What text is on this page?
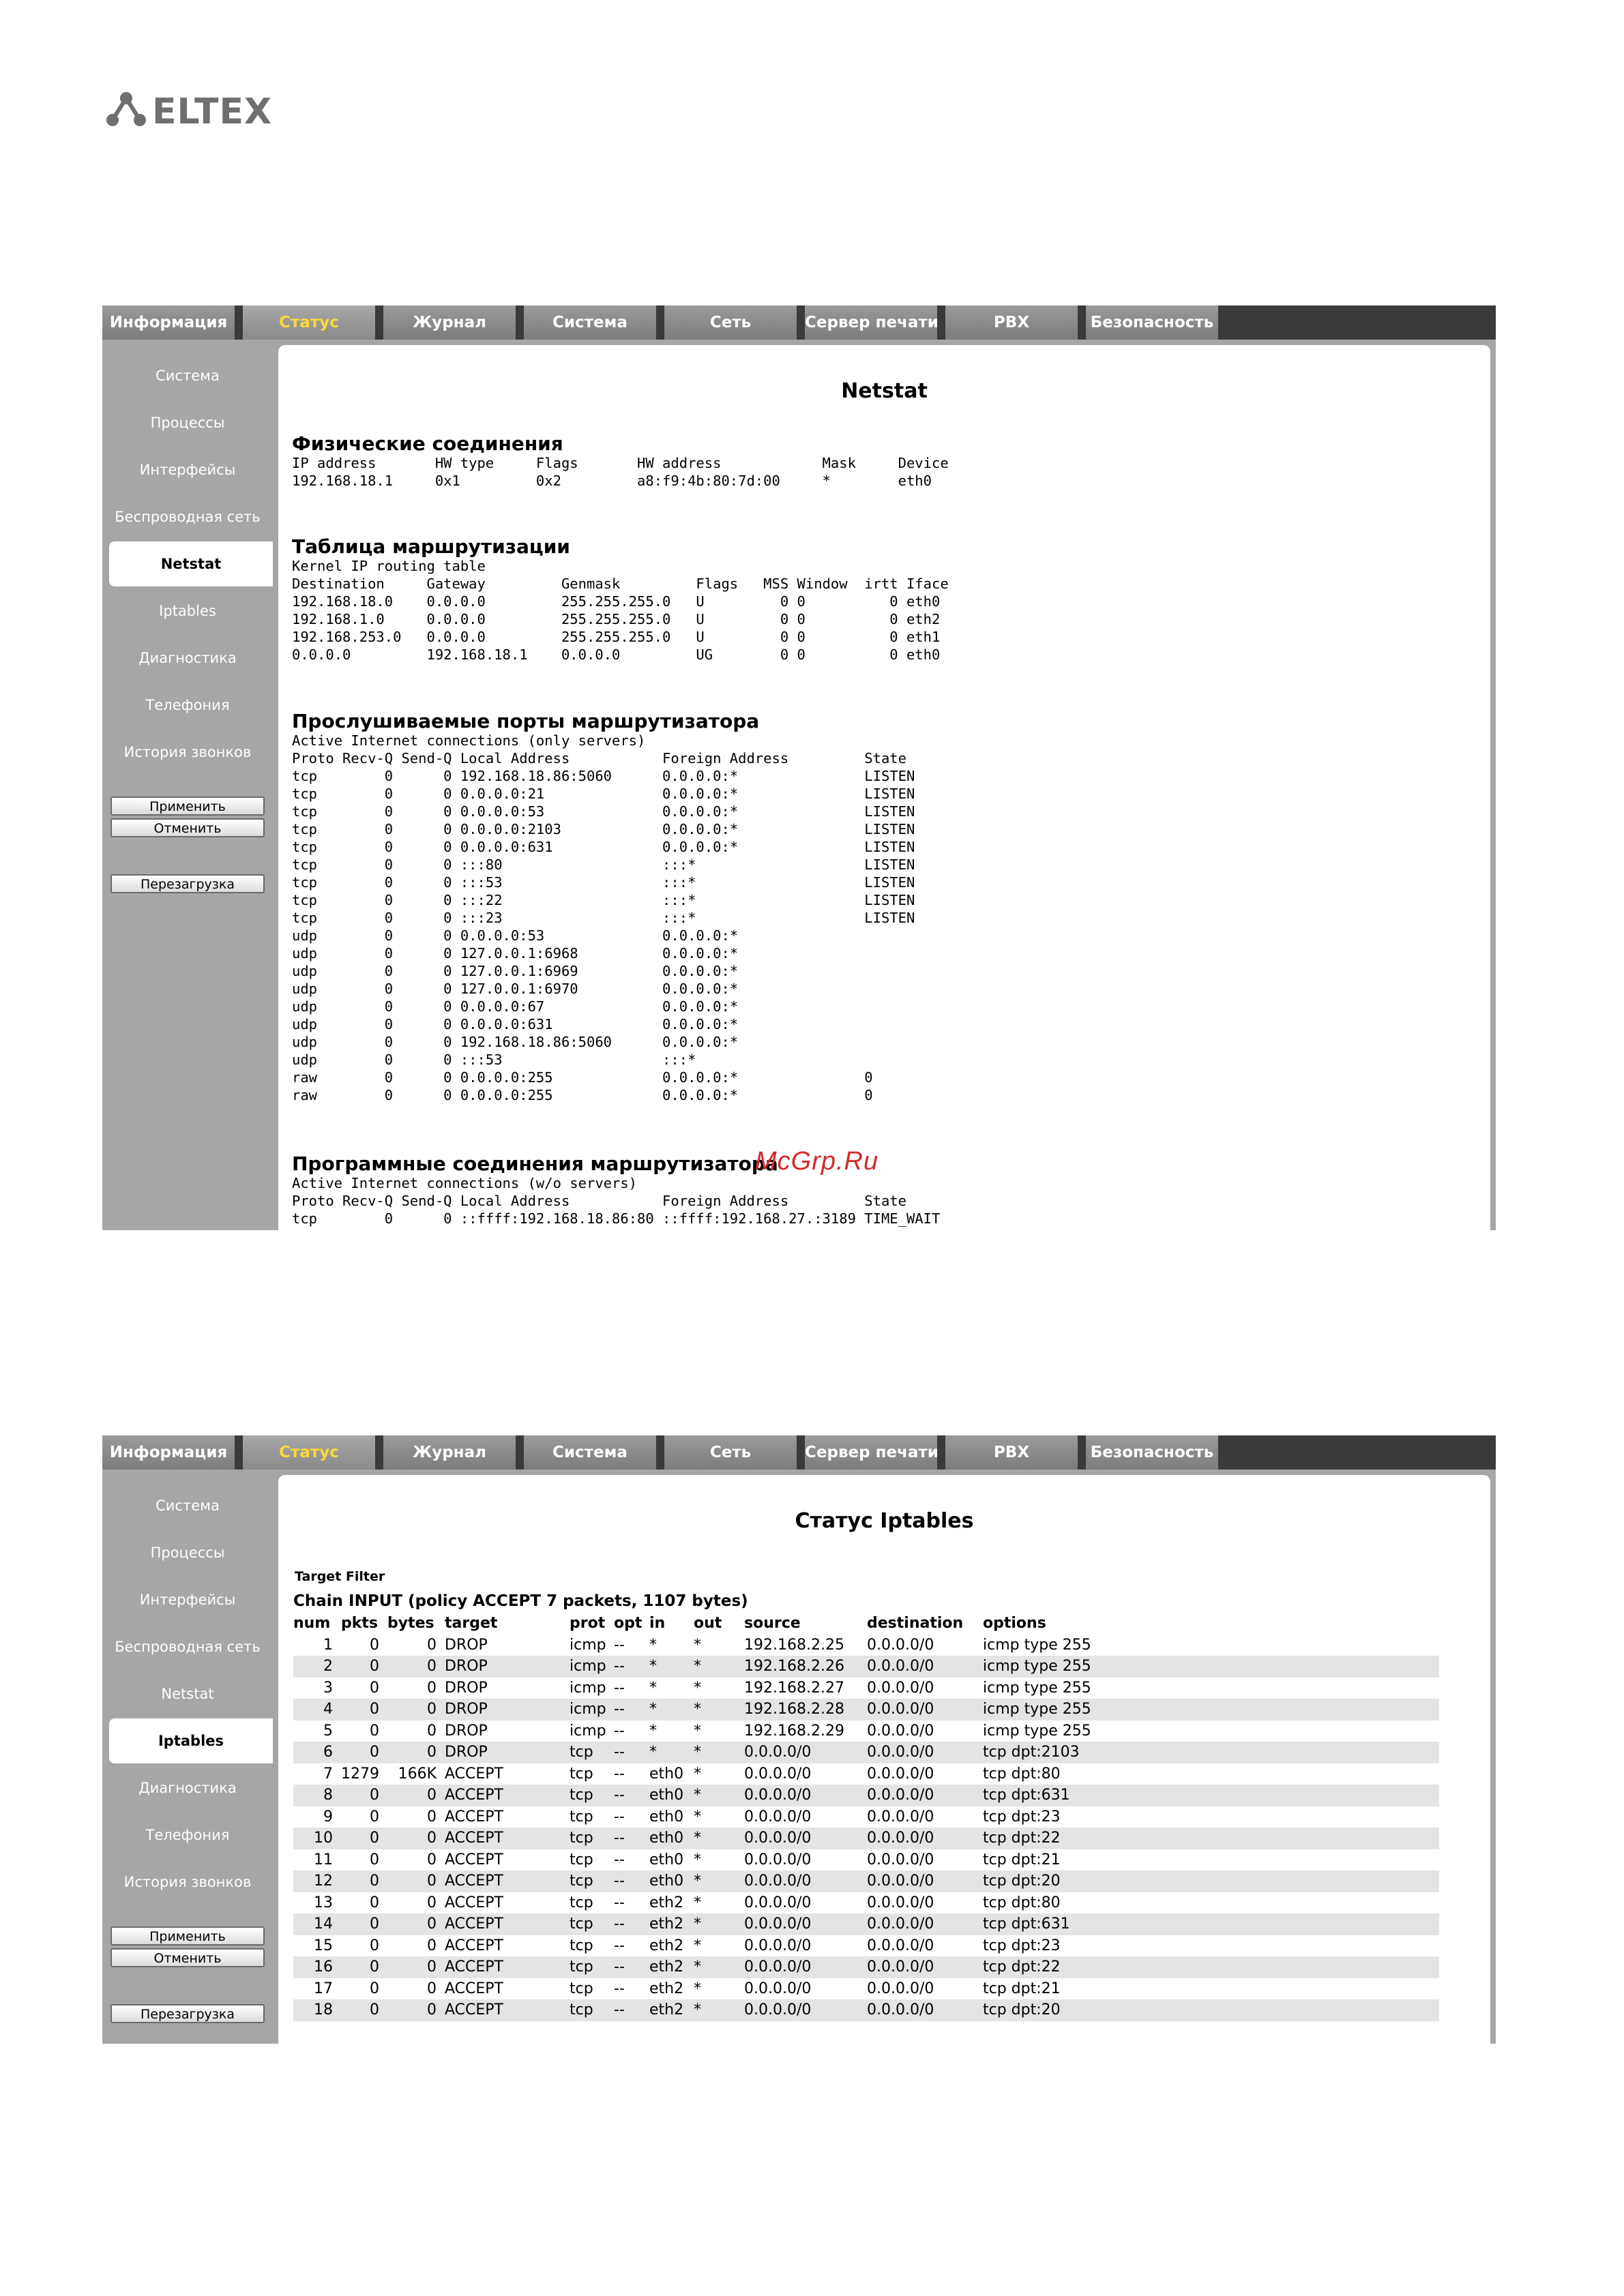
ELTEX
Информация	Статус	Журнал	Система	Сеть	Сервер печати	PBX	Безопасность
Система
Процессы
Интерфейсы
Беспроводная сеть
Netstat
Iptables
Диагностика
Телефония
История звонков
Применить
Отменить
Перезагрузка
Netstat
Физические соединения
IP address       HW type     Flags       HW address            Mask     Device
192.168.18.1     0x1         0x2         a8:f9:4b:80:7d:00     *        eth0
Таблица маршрутизации
Kernel IP routing table
Destination     Gateway         Genmask         Flags   MSS Window  irtt Iface
192.168.18.0    0.0.0.0         255.255.255.0   U         0 0          0 eth0
192.168.1.0     0.0.0.0         255.255.255.0   U         0 0          0 eth2
192.168.253.0   0.0.0.0         255.255.255.0   U         0 0          0 eth1
0.0.0.0         192.168.18.1    0.0.0.0         UG        0 0          0 eth0
Прослушиваемые порты маршрутизатора
Active Internet connections (only servers)
Proto Recv-Q Send-Q Local Address           Foreign Address         State
tcp        0      0 192.168.18.86:5060      0.0.0.0:*               LISTEN
tcp        0      0 0.0.0.0:21              0.0.0.0:*               LISTEN
tcp        0      0 0.0.0.0:53              0.0.0.0:*               LISTEN
tcp        0      0 0.0.0.0:2103            0.0.0.0:*               LISTEN
tcp        0      0 0.0.0.0:631             0.0.0.0:*               LISTEN
tcp        0      0 :::80                   :::*                    LISTEN
tcp        0      0 :::53                   :::*                    LISTEN
tcp        0      0 :::22                   :::*                    LISTEN
tcp        0      0 :::23                   :::*                    LISTEN
udp        0      0 0.0.0.0:53              0.0.0.0:*
udp        0      0 127.0.0.1:6968          0.0.0.0:*
udp        0      0 127.0.0.1:6969          0.0.0.0:*
udp        0      0 127.0.0.1:6970          0.0.0.0:*
udp        0      0 0.0.0.0:67              0.0.0.0:*
udp        0      0 0.0.0.0:631             0.0.0.0:*
udp        0      0 192.168.18.86:5060      0.0.0.0:*
udp        0      0 :::53                   :::*
raw        0      0 0.0.0.0:255             0.0.0.0:*               0
raw        0      0 0.0.0.0:255             0.0.0.0:*               0
Программные соединения маршрутизатора
Active Internet connections (w/o servers)
Proto Recv-Q Send-Q Local Address           Foreign Address         State
tcp        0      0 ::ffff:192.168.18.86:80 ::ffff:192.168.27.:3189 TIME_WAIT
McGrp.Ru
Информация	Статус	Журнал	Система	Сеть	Сервер печати	PBX	Безопасность
Система
Процессы
Интерфейсы
Беспроводная сеть
Netstat
Iptables
Диагностика
Телефония
История звонков
Применить
Отменить
Перезагрузка
Статус Iptables
Target Filter
Chain INPUT (policy ACCEPT 7 packets, 1107 bytes)
num	pkts	bytes	target	prot	opt	in	out	source	destination	options
1	0	0	DROP	icmp	--	*	*	192.168.2.25	0.0.0.0/0	icmp type 255
2	0	0	DROP	icmp	--	*	*	192.168.2.26	0.0.0.0/0	icmp type 255
3	0	0	DROP	icmp	--	*	*	192.168.2.27	0.0.0.0/0	icmp type 255
4	0	0	DROP	icmp	--	*	*	192.168.2.28	0.0.0.0/0	icmp type 255
5	0	0	DROP	icmp	--	*	*	192.168.2.29	0.0.0.0/0	icmp type 255
6	0	0	DROP	tcp	--	*	*	0.0.0.0/0	0.0.0.0/0	tcp dpt:2103
7	1279	166K	ACCEPT	tcp	--	eth0	*	0.0.0.0/0	0.0.0.0/0	tcp dpt:80
8	0	0	ACCEPT	tcp	--	eth0	*	0.0.0.0/0	0.0.0.0/0	tcp dpt:631
9	0	0	ACCEPT	tcp	--	eth0	*	0.0.0.0/0	0.0.0.0/0	tcp dpt:23
10	0	0	ACCEPT	tcp	--	eth0	*	0.0.0.0/0	0.0.0.0/0	tcp dpt:22
11	0	0	ACCEPT	tcp	--	eth0	*	0.0.0.0/0	0.0.0.0/0	tcp dpt:21
12	0	0	ACCEPT	tcp	--	eth0	*	0.0.0.0/0	0.0.0.0/0	tcp dpt:20
13	0	0	ACCEPT	tcp	--	eth2	*	0.0.0.0/0	0.0.0.0/0	tcp dpt:80
14	0	0	ACCEPT	tcp	--	eth2	*	0.0.0.0/0	0.0.0.0/0	tcp dpt:631
15	0	0	ACCEPT	tcp	--	eth2	*	0.0.0.0/0	0.0.0.0/0	tcp dpt:23
16	0	0	ACCEPT	tcp	--	eth2	*	0.0.0.0/0	0.0.0.0/0	tcp dpt:22
17	0	0	ACCEPT	tcp	--	eth2	*	0.0.0.0/0	0.0.0.0/0	tcp dpt:21
18	0	0	ACCEPT	tcp	--	eth2	*	0.0.0.0/0	0.0.0.0/0	tcp dpt:20
